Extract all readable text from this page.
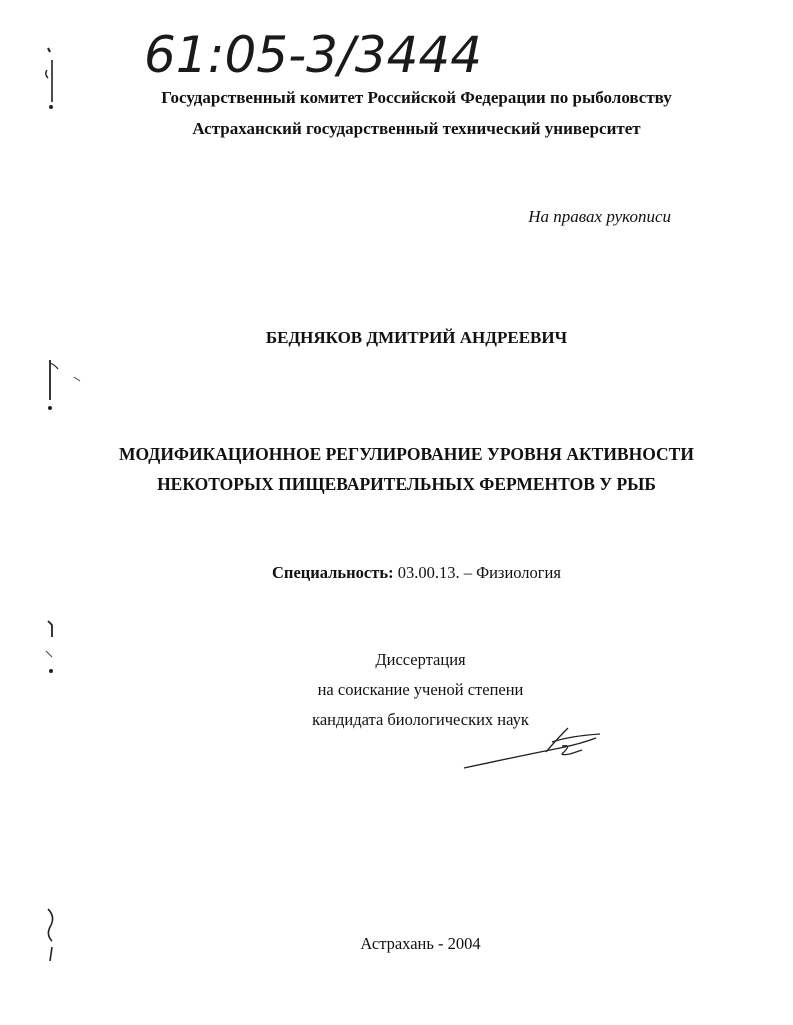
61:05-3/3444
Государственный комитет Российской Федерации по рыболовству
Астраханский государственный технический университет
На правах рукописи
БЕДНЯКОВ ДМИТРИЙ АНДРЕЕВИЧ
МОДИФИКАЦИОННОЕ РЕГУЛИРОВАНИЕ УРОВНЯ АКТИВНОСТИ
НЕКОТОРЫХ ПИЩЕВАРИТЕЛЬНЫХ ФЕРМЕНТОВ У РЫБ
Специальность: 03.00.13. – Физиология
Диссертация
на соискание ученой степени
кандидата биологических наук
Астрахань - 2004
